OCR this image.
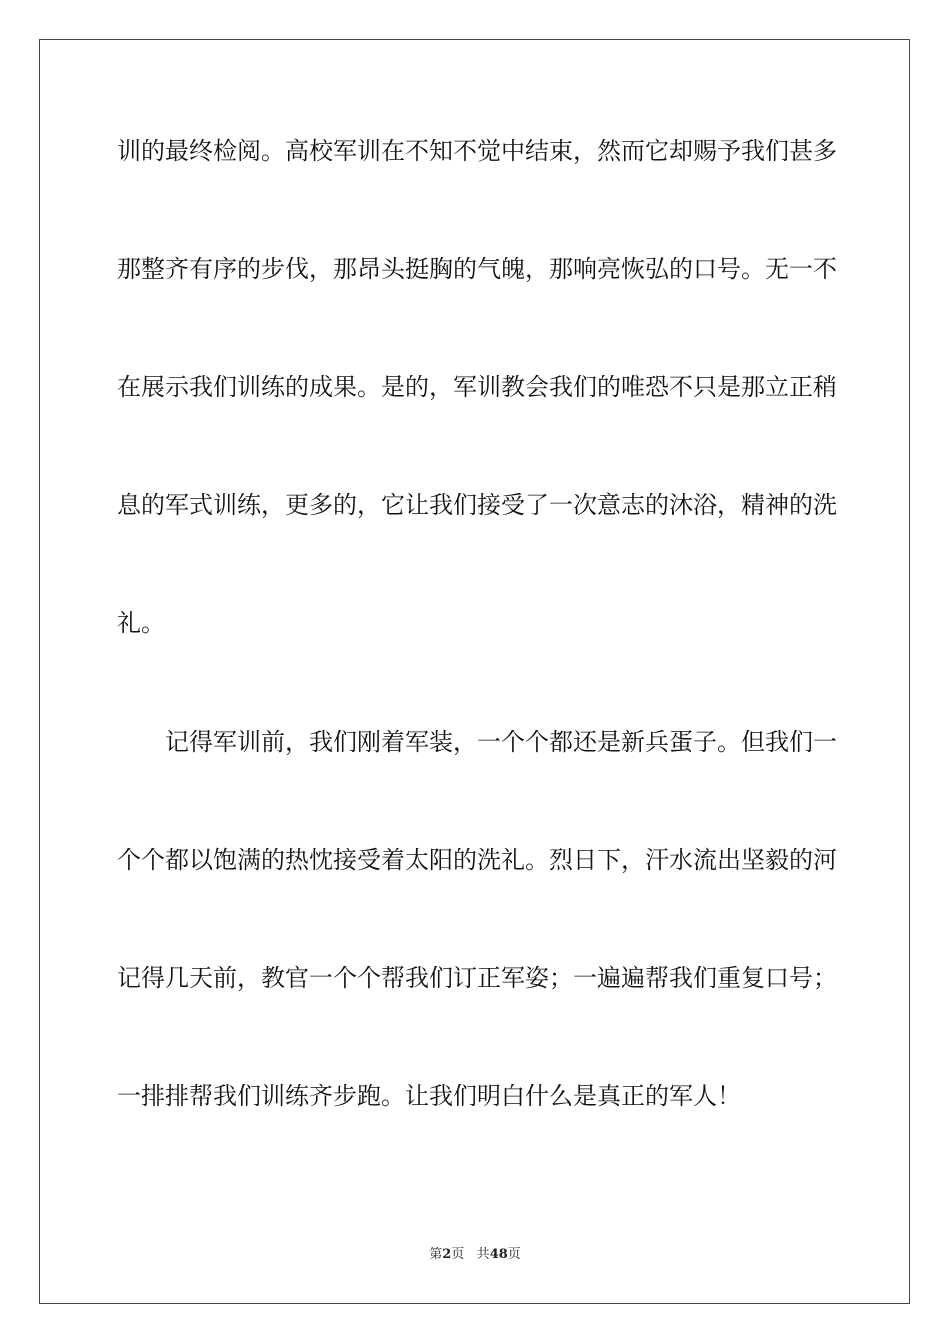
训的最终检阅。高校军训在不知不觉中结束，然而它却赐予我们甚多
那整齐有序的步伐，那昂头挺胸的气魄，那响亮恢弘的口号。无一不
在展示我们训练的成果。是的，军训教会我们的唯恐不只是那立正稍
息的军式训练，更多的，它让我们接受了一次意志的沐浴，精神的洗
礼。
记得军训前，我们刚着军装，一个个都还是新兵蛋子。但我们一
个个都以饱满的热忱接受着太阳的洗礼。烈日下，汗水流出坚毅的河
记得几天前，教官一个个帮我们订正军姿；一遍遍帮我们重复口号；
一排排帮我们训练齐步跑。让我们明白什么是真正的军人！
第2页 共48页
